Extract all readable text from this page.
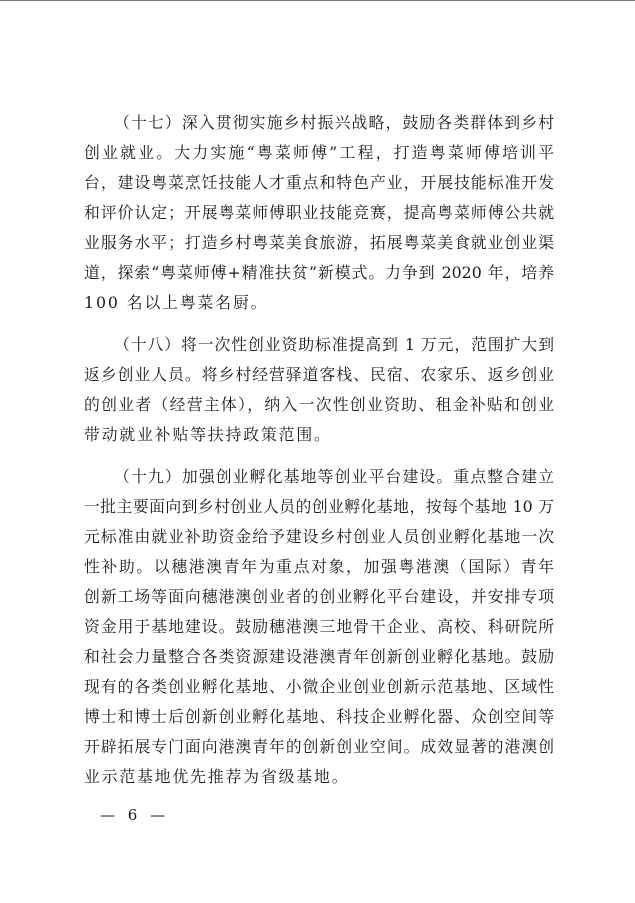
（十七）深入贯彻实施乡村振兴战略，鼓励各类群体到乡村
创业就业。大力实施“粤菜师傅”工程，打造粤菜师傅培训平
台，建设粤菜烹饪技能人才重点和特色产业，开展技能标准开发
和评价认定；开展粤菜师傅职业技能竞赛，提高粤菜师傅公共就
业服务水平；打造乡村粤菜美食旅游，拓展粤菜美食就业创业渠
道，探索“粤菜师傅+精准扶贫”新模式。力争到 2020 年，培养
100 名以上粤菜名厨。
（十八）将一次性创业资助标准提高到 1 万元，范围扩大到
返乡创业人员。将乡村经营驿道客栈、民宿、农家乐、返乡创业
的创业者（经营主体），纳入一次性创业资助、租金补贴和创业
带动就业补贴等扶持政策范围。
（十九）加强创业孵化基地等创业平台建设。重点整合建立
一批主要面向到乡村创业人员的创业孵化基地，按每个基地 10 万
元标准由就业补助资金给予建设乡村创业人员创业孵化基地一次
性补助。以穗港澳青年为重点对象，加强粤港澳（国际）青年
创新工场等面向穗港澳创业者的创业孵化平台建设，并安排专项
资金用于基地建设。鼓励穗港澳三地骨干企业、高校、科研院所
和社会力量整合各类资源建设港澳青年创新创业孵化基地。鼓励
现有的各类创业孵化基地、小微企业创业创新示范基地、区域性
博士和博士后创新创业孵化基地、科技企业孵化器、众创空间等
开辟拓展专门面向港澳青年的创新创业空间。成效显著的港澳创
业示范基地优先推荐为省级基地。
— 6 —
